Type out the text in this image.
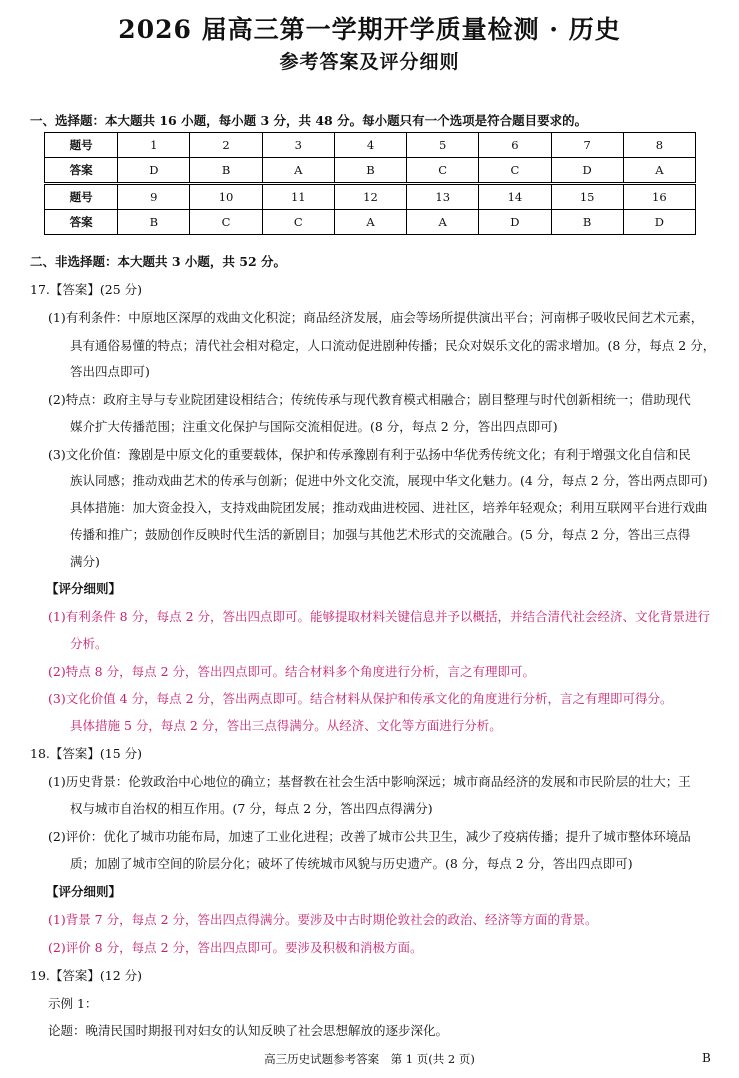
2026 届高三第一学期开学质量检测 · 历史
参考答案及评分细则
一、选择题：本大题共 16 小题，每小题 3 分，共 48 分。每小题只有一个选项是符合题目要求的。
题号	1	2	3	4	5	6	7	8
答案	D	B	A	B	C	C	D	A
题号	9	10	11	12	13	14	15	16
答案	B	C	C	A	A	D	B	D
二、非选择题：本大题共 3 小题，共 52 分。
17.【答案】(25 分)
(1)有利条件：中原地区深厚的戏曲文化积淀；商品经济发展，庙会等场所提供演出平台；河南梆子吸收民间艺术元素，
具有通俗易懂的特点；清代社会相对稳定，人口流动促进剧种传播；民众对娱乐文化的需求增加。(8 分，每点 2 分，
答出四点即可)
(2)特点：政府主导与专业院团建设相结合；传统传承与现代教育模式相融合；剧目整理与时代创新相统一；借助现代
媒介扩大传播范围；注重文化保护与国际交流相促进。(8 分，每点 2 分，答出四点即可)
(3)文化价值：豫剧是中原文化的重要载体，保护和传承豫剧有利于弘扬中华优秀传统文化；有利于增强文化自信和民
族认同感；推动戏曲艺术的传承与创新；促进中外文化交流，展现中华文化魅力。(4 分，每点 2 分，答出两点即可)
具体措施：加大资金投入，支持戏曲院团发展；推动戏曲进校园、进社区，培养年轻观众；利用互联网平台进行戏曲
传播和推广；鼓励创作反映时代生活的新剧目；加强与其他艺术形式的交流融合。(5 分，每点 2 分，答出三点得
满分)
【评分细则】
(1)有利条件 8 分，每点 2 分，答出四点即可。能够提取材料关键信息并予以概括，并结合清代社会经济、文化背景进行
分析。
(2)特点 8 分，每点 2 分，答出四点即可。结合材料多个角度进行分析，言之有理即可。
(3)文化价值 4 分，每点 2 分，答出两点即可。结合材料从保护和传承文化的角度进行分析，言之有理即可得分。
具体措施 5 分，每点 2 分，答出三点得满分。从经济、文化等方面进行分析。
18.【答案】(15 分)
(1)历史背景：伦敦政治中心地位的确立；基督教在社会生活中影响深远；城市商品经济的发展和市民阶层的壮大；王
权与城市自治权的相互作用。(7 分，每点 2 分，答出四点得满分)
(2)评价：优化了城市功能布局，加速了工业化进程；改善了城市公共卫生，减少了疫病传播；提升了城市整体环境品
质；加剧了城市空间的阶层分化；破坏了传统城市风貌与历史遗产。(8 分，每点 2 分，答出四点即可)
【评分细则】
(1)背景 7 分，每点 2 分，答出四点得满分。要涉及中古时期伦敦社会的政治、经济等方面的背景。
(2)评价 8 分，每点 2 分，答出四点即可。要涉及积极和消极方面。
19.【答案】(12 分)
示例 1：
论题：晚清民国时期报刊对妇女的认知反映了社会思想解放的逐步深化。
高三历史试题参考答案　第 1 页(共 2 页)	B
